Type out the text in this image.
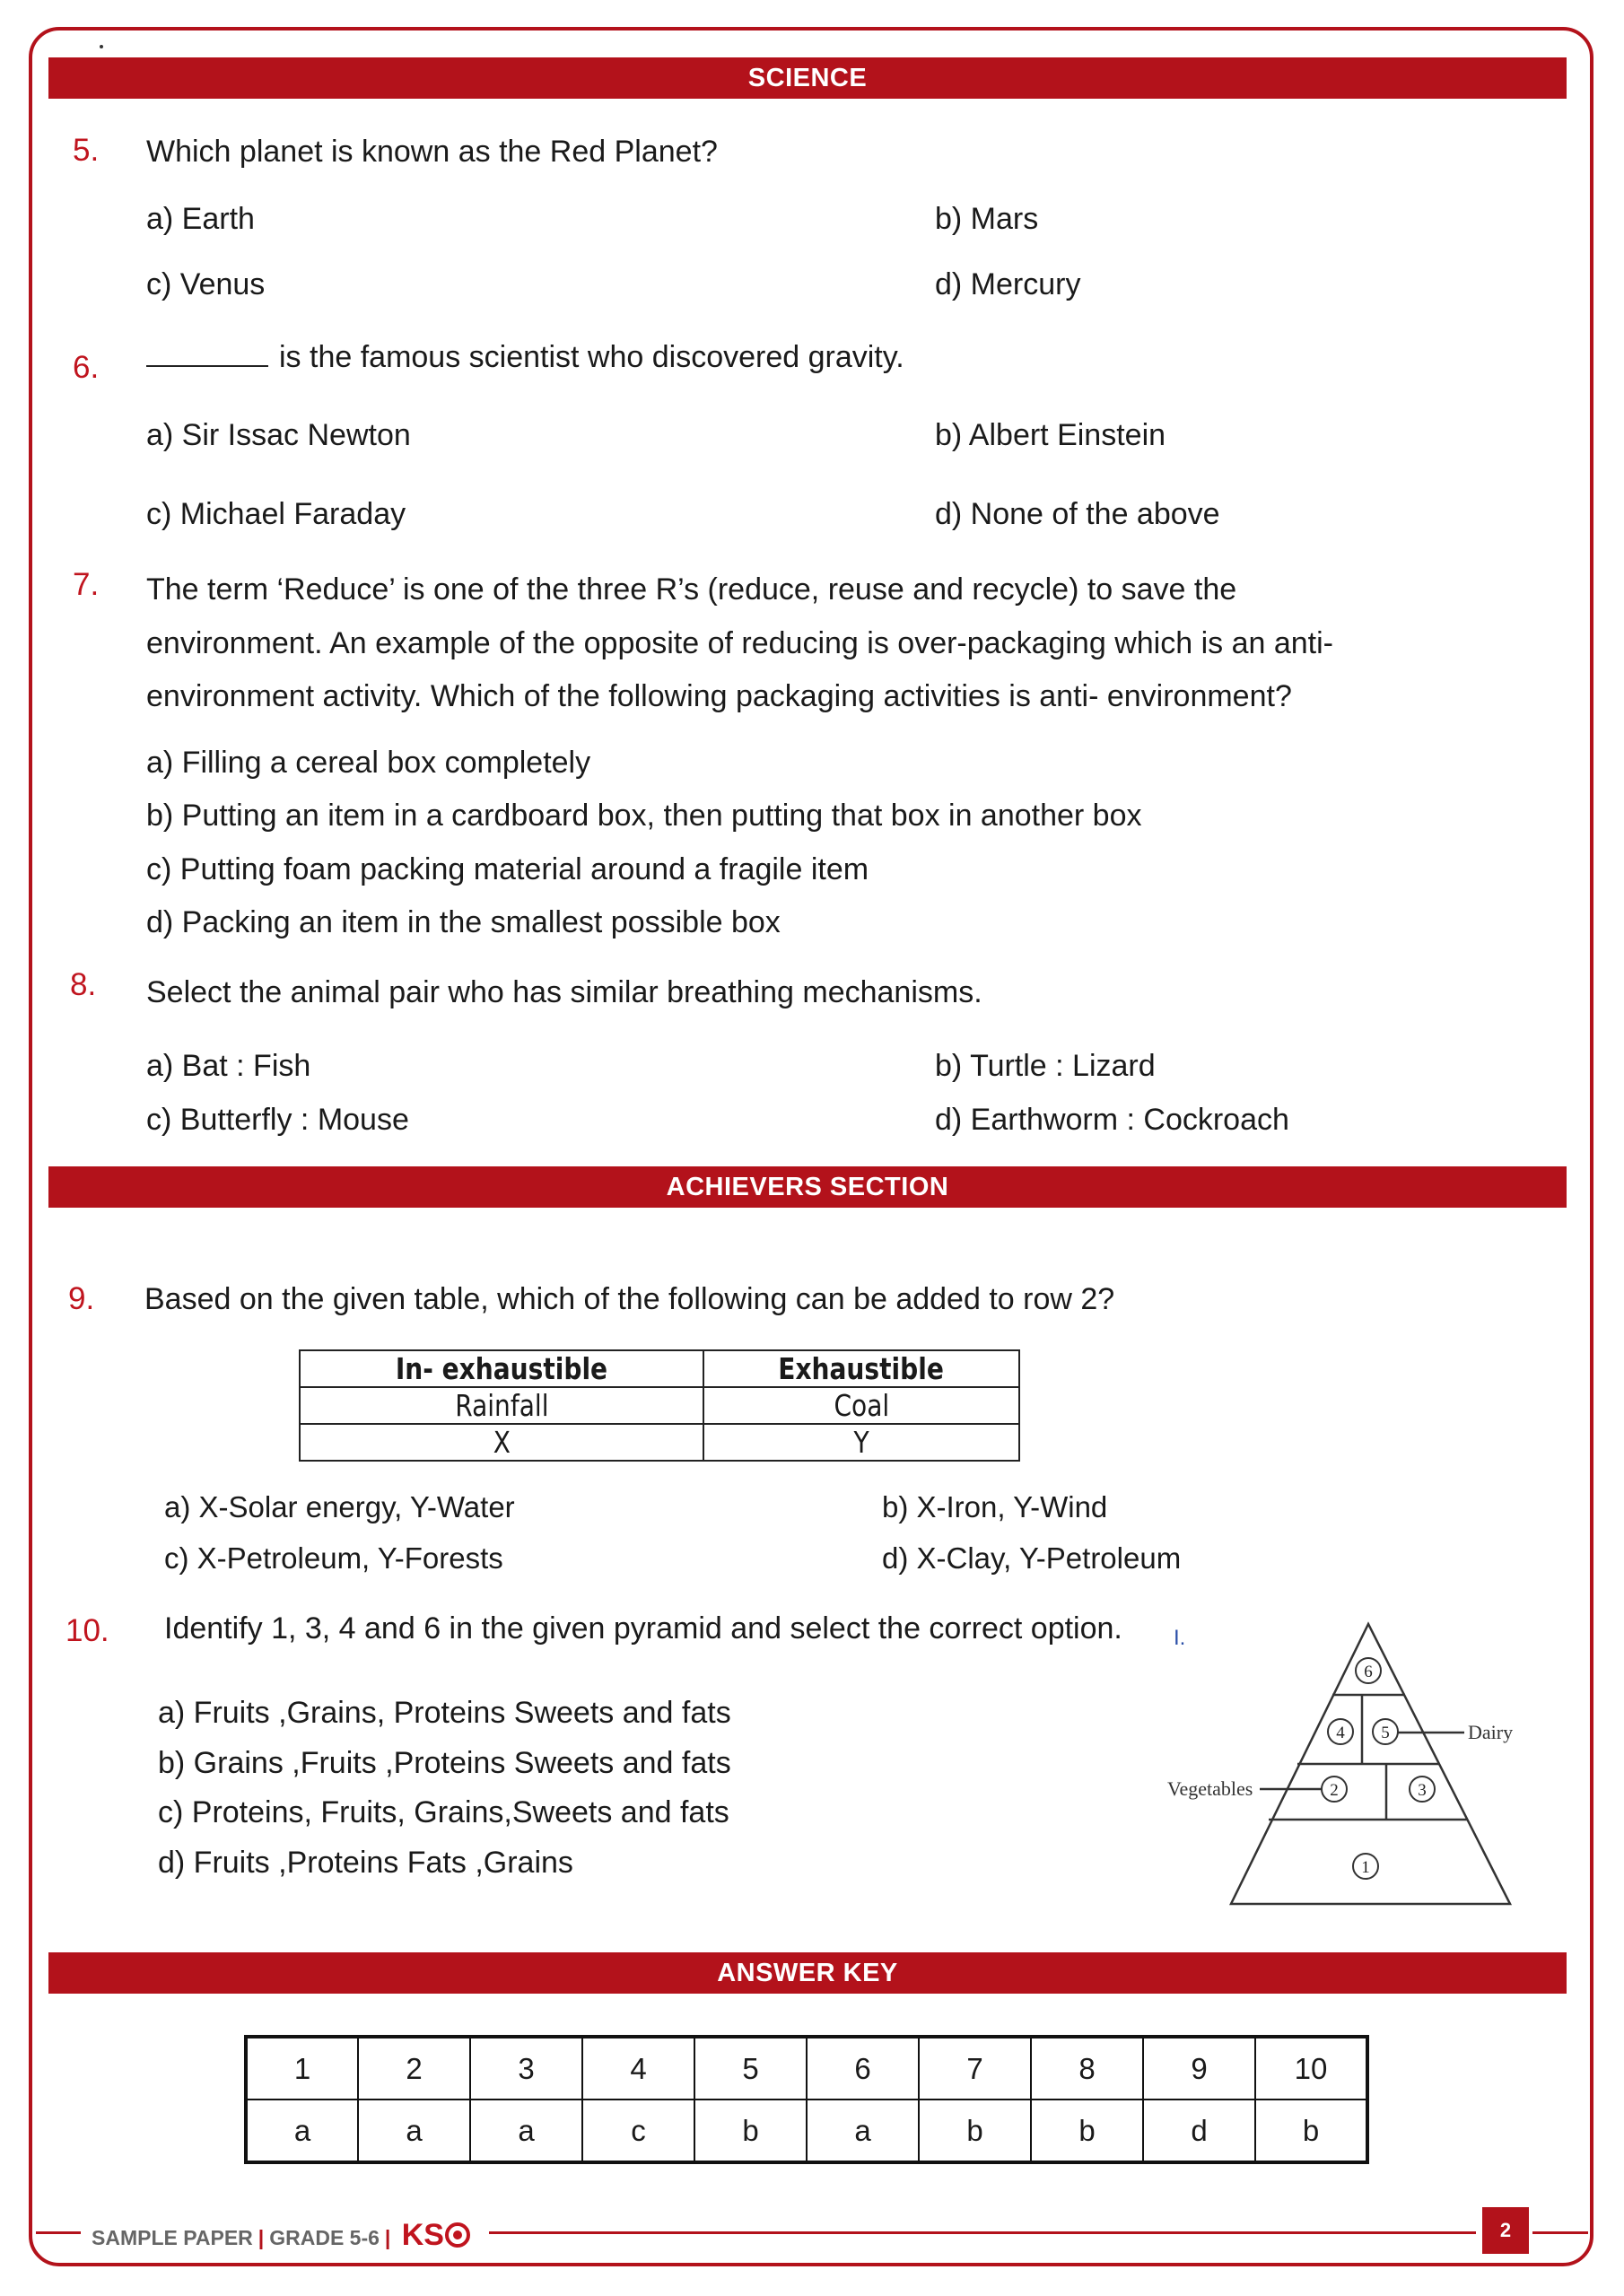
SCIENCE
5. Which planet is known as the Red Planet?
a) Earth	b) Mars
c) Venus	d) Mercury
6.	is the famous scientist who discovered gravity.
a) Sir Issac Newton	b) Albert Einstein
c) Michael Faraday	d) None of the above
7. The term ‘Reduce’ is one of the three R’s (reduce, reuse and recycle) to save the
environment. An example of the opposite of reducing is over-packaging which is an anti-
environment activity. Which of the following packaging activities is anti- environment?
a) Filling a cereal box completely
b) Putting an item in a cardboard box, then putting that box in another box
c) Putting foam packing material around a fragile item
d) Packing an item in the smallest possible box
8. Select the animal pair who has similar breathing mechanisms.
a) Bat : Fish	b) Turtle : Lizard
c) Butterfly : Mouse	d) Earthworm : Cockroach
ACHIEVERS SECTION
9. Based on the given table, which of the following can be added to row 2?
In- exhaustible	Exhaustible
Rainfall	Coal
X	Y
a) X-Solar energy, Y-Water	b) X-Iron, Y-Wind
c) X-Petroleum, Y-Forests	d) X-Clay, Y-Petroleum
10. Identify 1, 3, 4 and 6 in the given pyramid and select the correct option. I.
a) Fruits ,Grains, Proteins Sweets and fats
b) Grains ,Fruits ,Proteins Sweets and fats
c) Proteins, Fruits, Grains,Sweets and fats
d) Fruits ,Proteins Fats ,Grains
6
4 5
2	3
1
Dairy
Vegetables
ANSWER KEY
1	2	3	4	5	6	7	8	9	10
a	a	a	c	b	a	b	b	d	b
SAMPLE PAPER | GRADE 5-6 | KS	2
